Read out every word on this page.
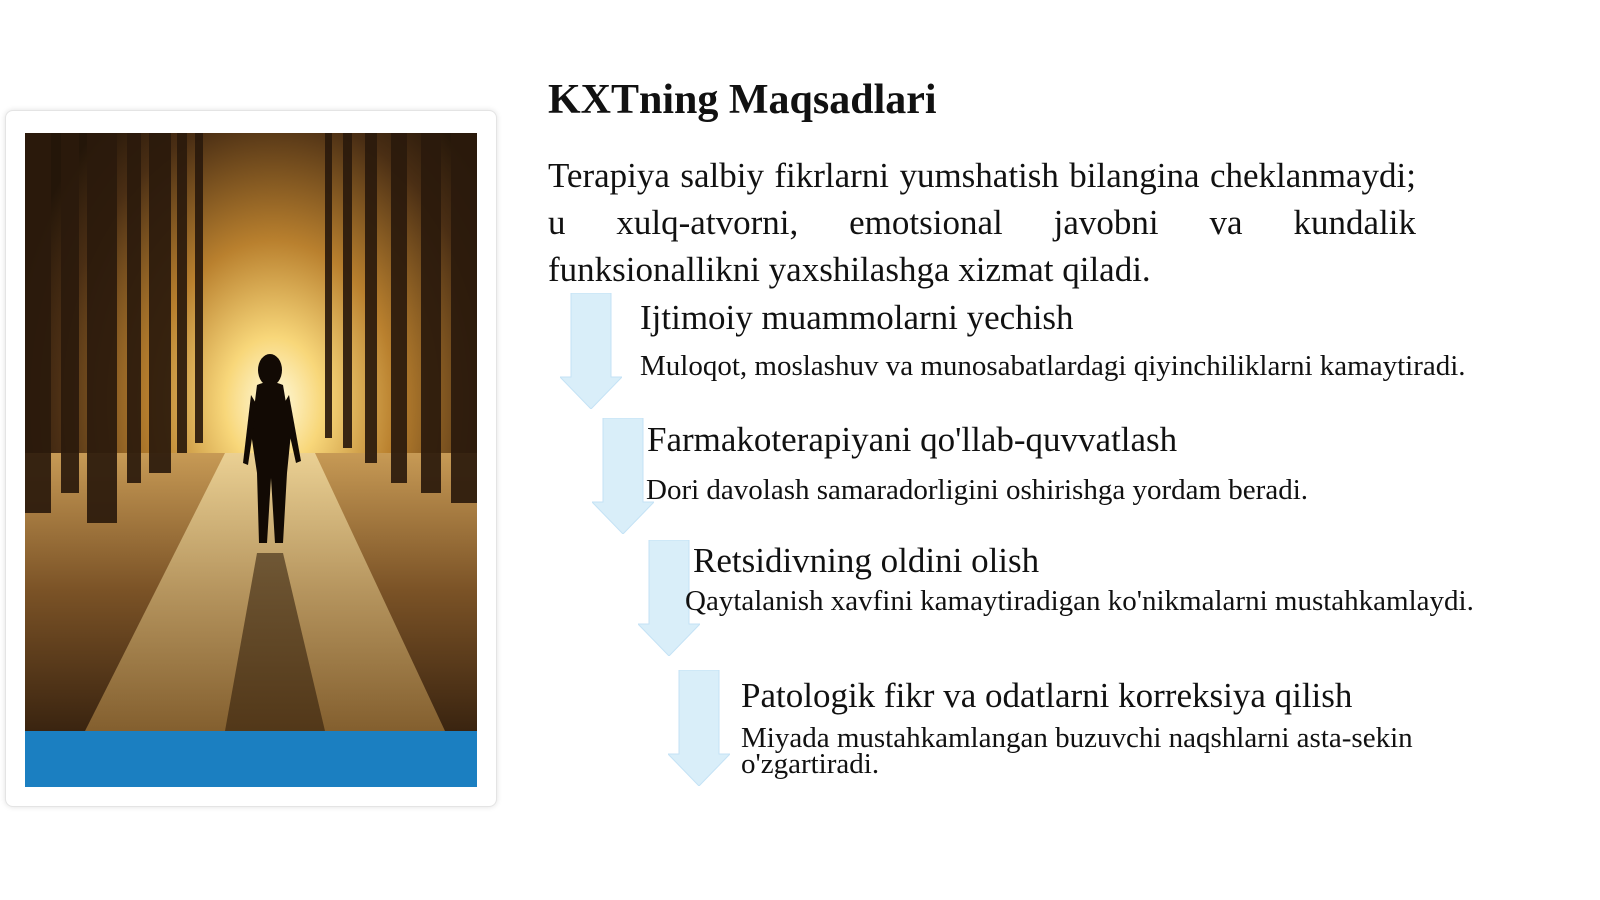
KXTning Maqsadlari

Terapiya salbiy fikrlarni yumshatish bilangina cheklanmaydi; u xulq-atvorni, emotsional javobni va kundalik funksionallikni yaxshilashga xizmat qiladi.

Ijtimoiy muammolarni yechish

Muloqot, moslashuv va munosabatlardagi qiyinchiliklarni kamaytiradi.

Farmakoterapiyani qo'llab-quvvatlash

Dori davolash samaradorligini oshirishga yordam beradi.

Retsidivning oldini olish

Qaytalanish xavfini kamaytiradigan ko'nikmalarni mustahkamlaydi.

Patologik fikr va odatlarni korreksiya qilish

Miyada mustahkamlangan buzuvchi naqshlarni asta-sekin o'zgartiradi.
